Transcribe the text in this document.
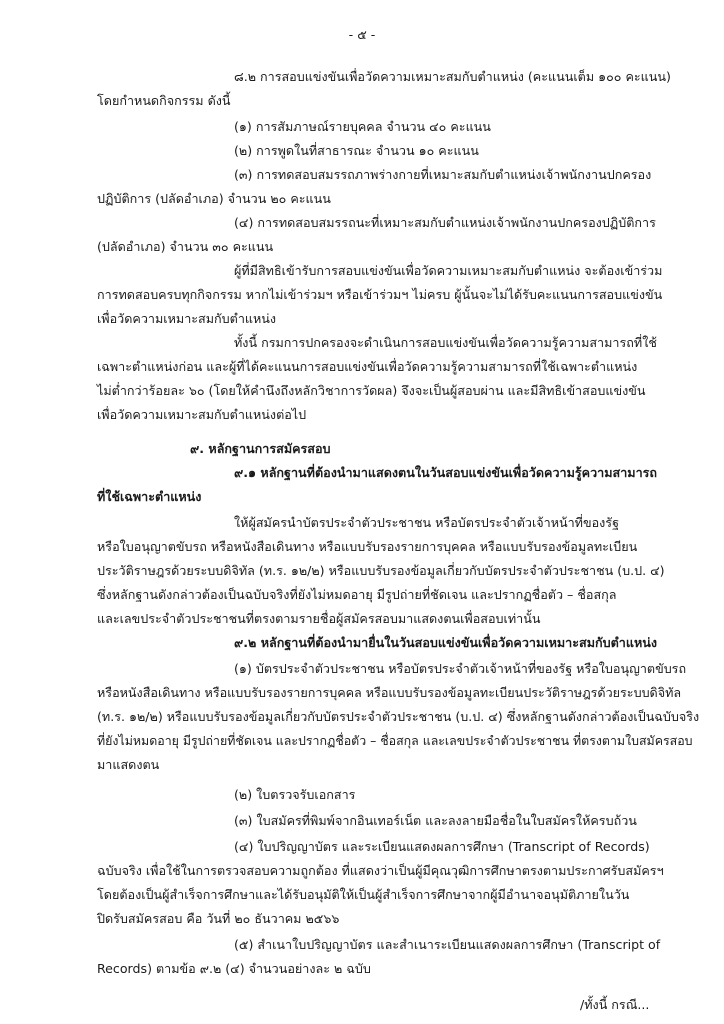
- ๕ -
๘.๒ การสอบแข่งขันเพื่อวัดความเหมาะสมกับตำแหน่ง (คะแนนเต็ม ๑๐๐ คะแนน)
โดยกำหนดกิจกรรม ดังนี้
(๑) การสัมภาษณ์รายบุคคล จำนวน ๔๐ คะแนน
(๒) การพูดในที่สาธารณะ จำนวน ๑๐ คะแนน
(๓) การทดสอบสมรรถภาพร่างกายที่เหมาะสมกับตำแหน่งเจ้าพนักงานปกครอง
ปฏิบัติการ (ปลัดอำเภอ) จำนวน ๒๐ คะแนน
(๔) การทดสอบสมรรถนะที่เหมาะสมกับตำแหน่งเจ้าพนักงานปกครองปฏิบัติการ
(ปลัดอำเภอ) จำนวน ๓๐ คะแนน
ผู้ที่มีสิทธิเข้ารับการสอบแข่งขันเพื่อวัดความเหมาะสมกับตำแหน่ง จะต้องเข้าร่วม
การทดสอบครบทุกกิจกรรม หากไม่เข้าร่วมฯ หรือเข้าร่วมฯ ไม่ครบ ผู้นั้นจะไม่ได้รับคะแนนการสอบแข่งขัน
เพื่อวัดความเหมาะสมกับตำแหน่ง
ทั้งนี้ กรมการปกครองจะดำเนินการสอบแข่งขันเพื่อวัดความรู้ความสามารถที่ใช้
เฉพาะตำแหน่งก่อน และผู้ที่ได้คะแนนการสอบแข่งขันเพื่อวัดความรู้ความสามารถที่ใช้เฉพาะตำแหน่ง
ไม่ต่ำกว่าร้อยละ ๖๐ (โดยให้คำนึงถึงหลักวิชาการวัดผล) จึงจะเป็นผู้สอบผ่าน และมีสิทธิเข้าสอบแข่งขัน
เพื่อวัดความเหมาะสมกับตำแหน่งต่อไป
๙. หลักฐานการสมัครสอบ
๙.๑ หลักฐานที่ต้องนำมาแสดงตนในวันสอบแข่งขันเพื่อวัดความรู้ความสามารถ
ที่ใช้เฉพาะตำแหน่ง
ให้ผู้สมัครนำบัตรประจำตัวประชาชน หรือบัตรประจำตัวเจ้าหน้าที่ของรัฐ
หรือใบอนุญาตขับรถ หรือหนังสือเดินทาง หรือแบบรับรองรายการบุคคล หรือแบบรับรองข้อมูลทะเบียน
ประวัติราษฎรด้วยระบบดิจิทัล (ท.ร. ๑๒/๒) หรือแบบรับรองข้อมูลเกี่ยวกับบัตรประจำตัวประชาชน (บ.ป. ๔)
ซึ่งหลักฐานดังกล่าวต้องเป็นฉบับจริงที่ยังไม่หมดอายุ มีรูปถ่ายที่ชัดเจน และปรากฏชื่อตัว – ชื่อสกุล
และเลขประจำตัวประชาชนที่ตรงตามรายชื่อผู้สมัครสอบมาแสดงตนเพื่อสอบเท่านั้น
๙.๒ หลักฐานที่ต้องนำมายื่นในวันสอบแข่งขันเพื่อวัดความเหมาะสมกับตำแหน่ง
(๑) บัตรประจำตัวประชาชน หรือบัตรประจำตัวเจ้าหน้าที่ของรัฐ หรือใบอนุญาตขับรถ
หรือหนังสือเดินทาง หรือแบบรับรองรายการบุคคล หรือแบบรับรองข้อมูลทะเบียนประวัติราษฎรด้วยระบบดิจิทัล
(ท.ร. ๑๒/๒) หรือแบบรับรองข้อมูลเกี่ยวกับบัตรประจำตัวประชาชน (บ.ป. ๔) ซึ่งหลักฐานดังกล่าวต้องเป็นฉบับจริง
ที่ยังไม่หมดอายุ มีรูปถ่ายที่ชัดเจน และปรากฏชื่อตัว – ชื่อสกุล และเลขประจำตัวประชาชน ที่ตรงตามใบสมัครสอบ
มาแสดงตน
(๒) ใบตรวจรับเอกสาร
(๓) ใบสมัครที่พิมพ์จากอินเทอร์เน็ต และลงลายมือชื่อในใบสมัครให้ครบถ้วน
(๔) ใบปริญญาบัตร และระเบียนแสดงผลการศึกษา (Transcript of Records)
ฉบับจริง เพื่อใช้ในการตรวจสอบความถูกต้อง ที่แสดงว่าเป็นผู้มีคุณวุฒิการศึกษาตรงตามประกาศรับสมัครฯ
โดยต้องเป็นผู้สำเร็จการศึกษาและได้รับอนุมัติให้เป็นผู้สำเร็จการศึกษาจากผู้มีอำนาจอนุมัติภายในวัน
ปิดรับสมัครสอบ คือ วันที่ ๒๐ ธันวาคม ๒๕๖๖
(๕) สำเนาใบปริญญาบัตร และสำเนาระเบียนแสดงผลการศึกษา (Transcript of
Records) ตามข้อ ๙.๒ (๔) จำนวนอย่างละ ๒ ฉบับ
/ทั้งนี้ กรณี...
